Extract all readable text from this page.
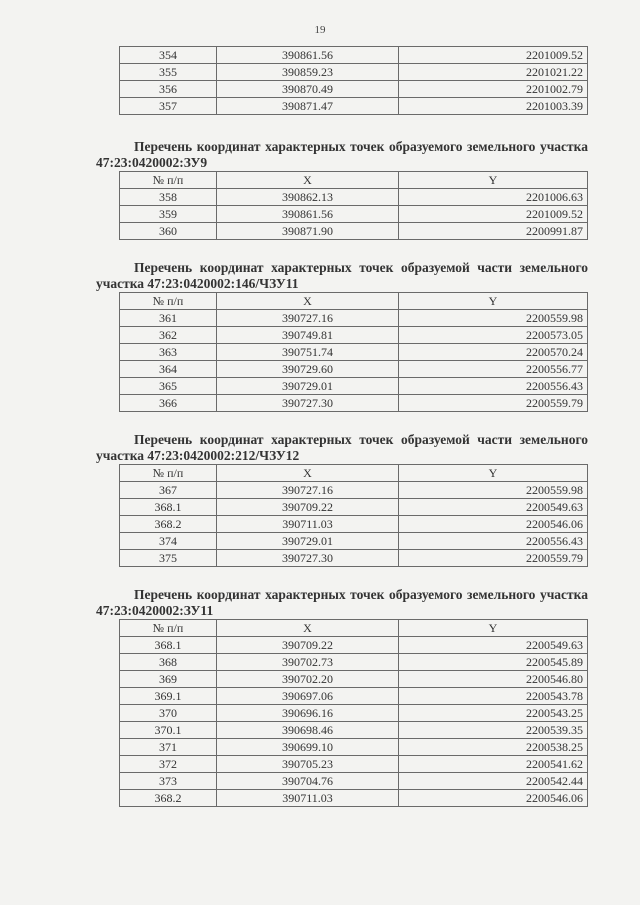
19
354	390861.56	2201009.52
355	390859.23	2201021.22
356	390870.49	2201002.79
357	390871.47	2201003.39

Перечень координат характерных точек образуемого земельного участка 47:23:0420002:ЗУ9

№ п/п	X	Y
358	390862.13	2201006.63
359	390861.56	2201009.52
360	390871.90	2200991.87

Перечень координат характерных точек образуемой части земельного участка 47:23:0420002:146/ЧЗУ11

№ п/п	X	Y
361	390727.16	2200559.98
362	390749.81	2200573.05
363	390751.74	2200570.24
364	390729.60	2200556.77
365	390729.01	2200556.43
366	390727.30	2200559.79

Перечень координат характерных точек образуемой части земельного участка 47:23:0420002:212/ЧЗУ12

№ п/п	X	Y
367	390727.16	2200559.98
368.1	390709.22	2200549.63
368.2	390711.03	2200546.06
374	390729.01	2200556.43
375	390727.30	2200559.79

Перечень координат характерных точек образуемого земельного участка 47:23:0420002:ЗУ11

№ п/п	X	Y
368.1	390709.22	2200549.63
368	390702.73	2200545.89
369	390702.20	2200546.80
369.1	390697.06	2200543.78
370	390696.16	2200543.25
370.1	390698.46	2200539.35
371	390699.10	2200538.25
372	390705.23	2200541.62
373	390704.76	2200542.44
368.2	390711.03	2200546.06
